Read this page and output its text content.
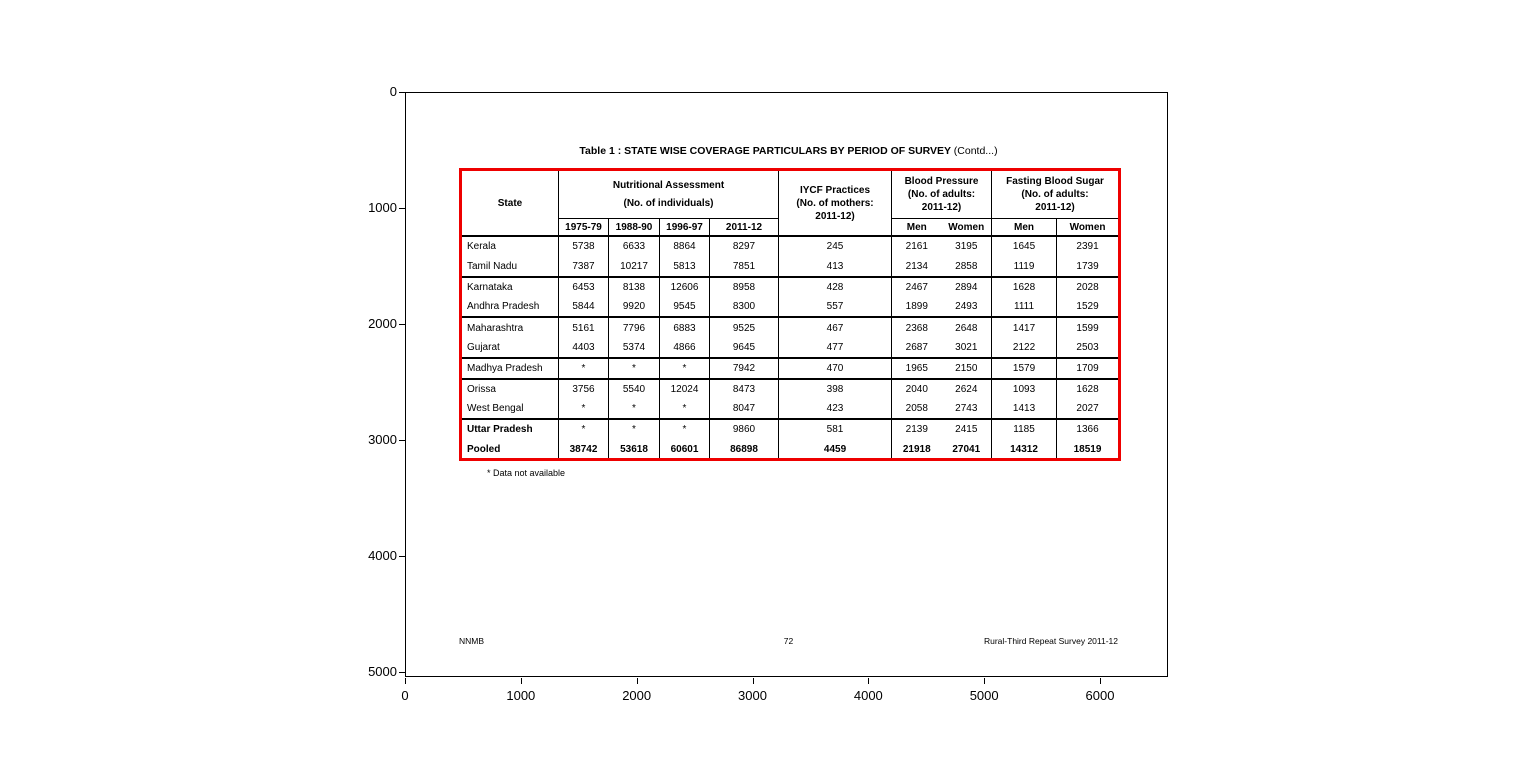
Table 1 : STATE WISE COVERAGE PARTICULARS BY PERIOD OF SURVEY (Contd...)
State	
Nutritional Assessment
(No. of individuals)

IYCF Practices
(No. of mothers:
2011-12)

Blood Pressure
(No. of adults:
2011-12)

Fasting Blood Sugar
(No. of adults:
2011-12)

	1975-79	1988-90	1996-97	2011-12		Men	Women	Men	Women
Kerala	5738	6633	8864	8297	245	2161	3195	1645	2391
Tamil Nadu	7387	10217	5813	7851	413	2134	2858	1119	1739
Karnataka	6453	8138	12606	8958	428	2467	2894	1628	2028
Andhra Pradesh	5844	9920	9545	8300	557	1899	2493	1111	1529
Maharashtra	5161	7796	6883	9525	467	2368	2648	1417	1599
Gujarat	4403	5374	4866	9645	477	2687	3021	2122	2503
Madhya Pradesh	*	*	*	7942	470	1965	2150	1579	1709
Orissa	3756	5540	12024	8473	398	2040	2624	1093	1628
West Bengal	*	*	*	8047	423	2058	2743	1413	2027
Uttar Pradesh	*	*	*	9860	581	2139	2415	1185	1366
Pooled	38742	53618	60601	86898	4459	21918	27041	14312	18519
* Data not available
NNMB	72	Rural-Third Repeat Survey 2011-12
0	1000	2000	3000	4000	5000	6000
0
1000
2000
3000
4000
5000
